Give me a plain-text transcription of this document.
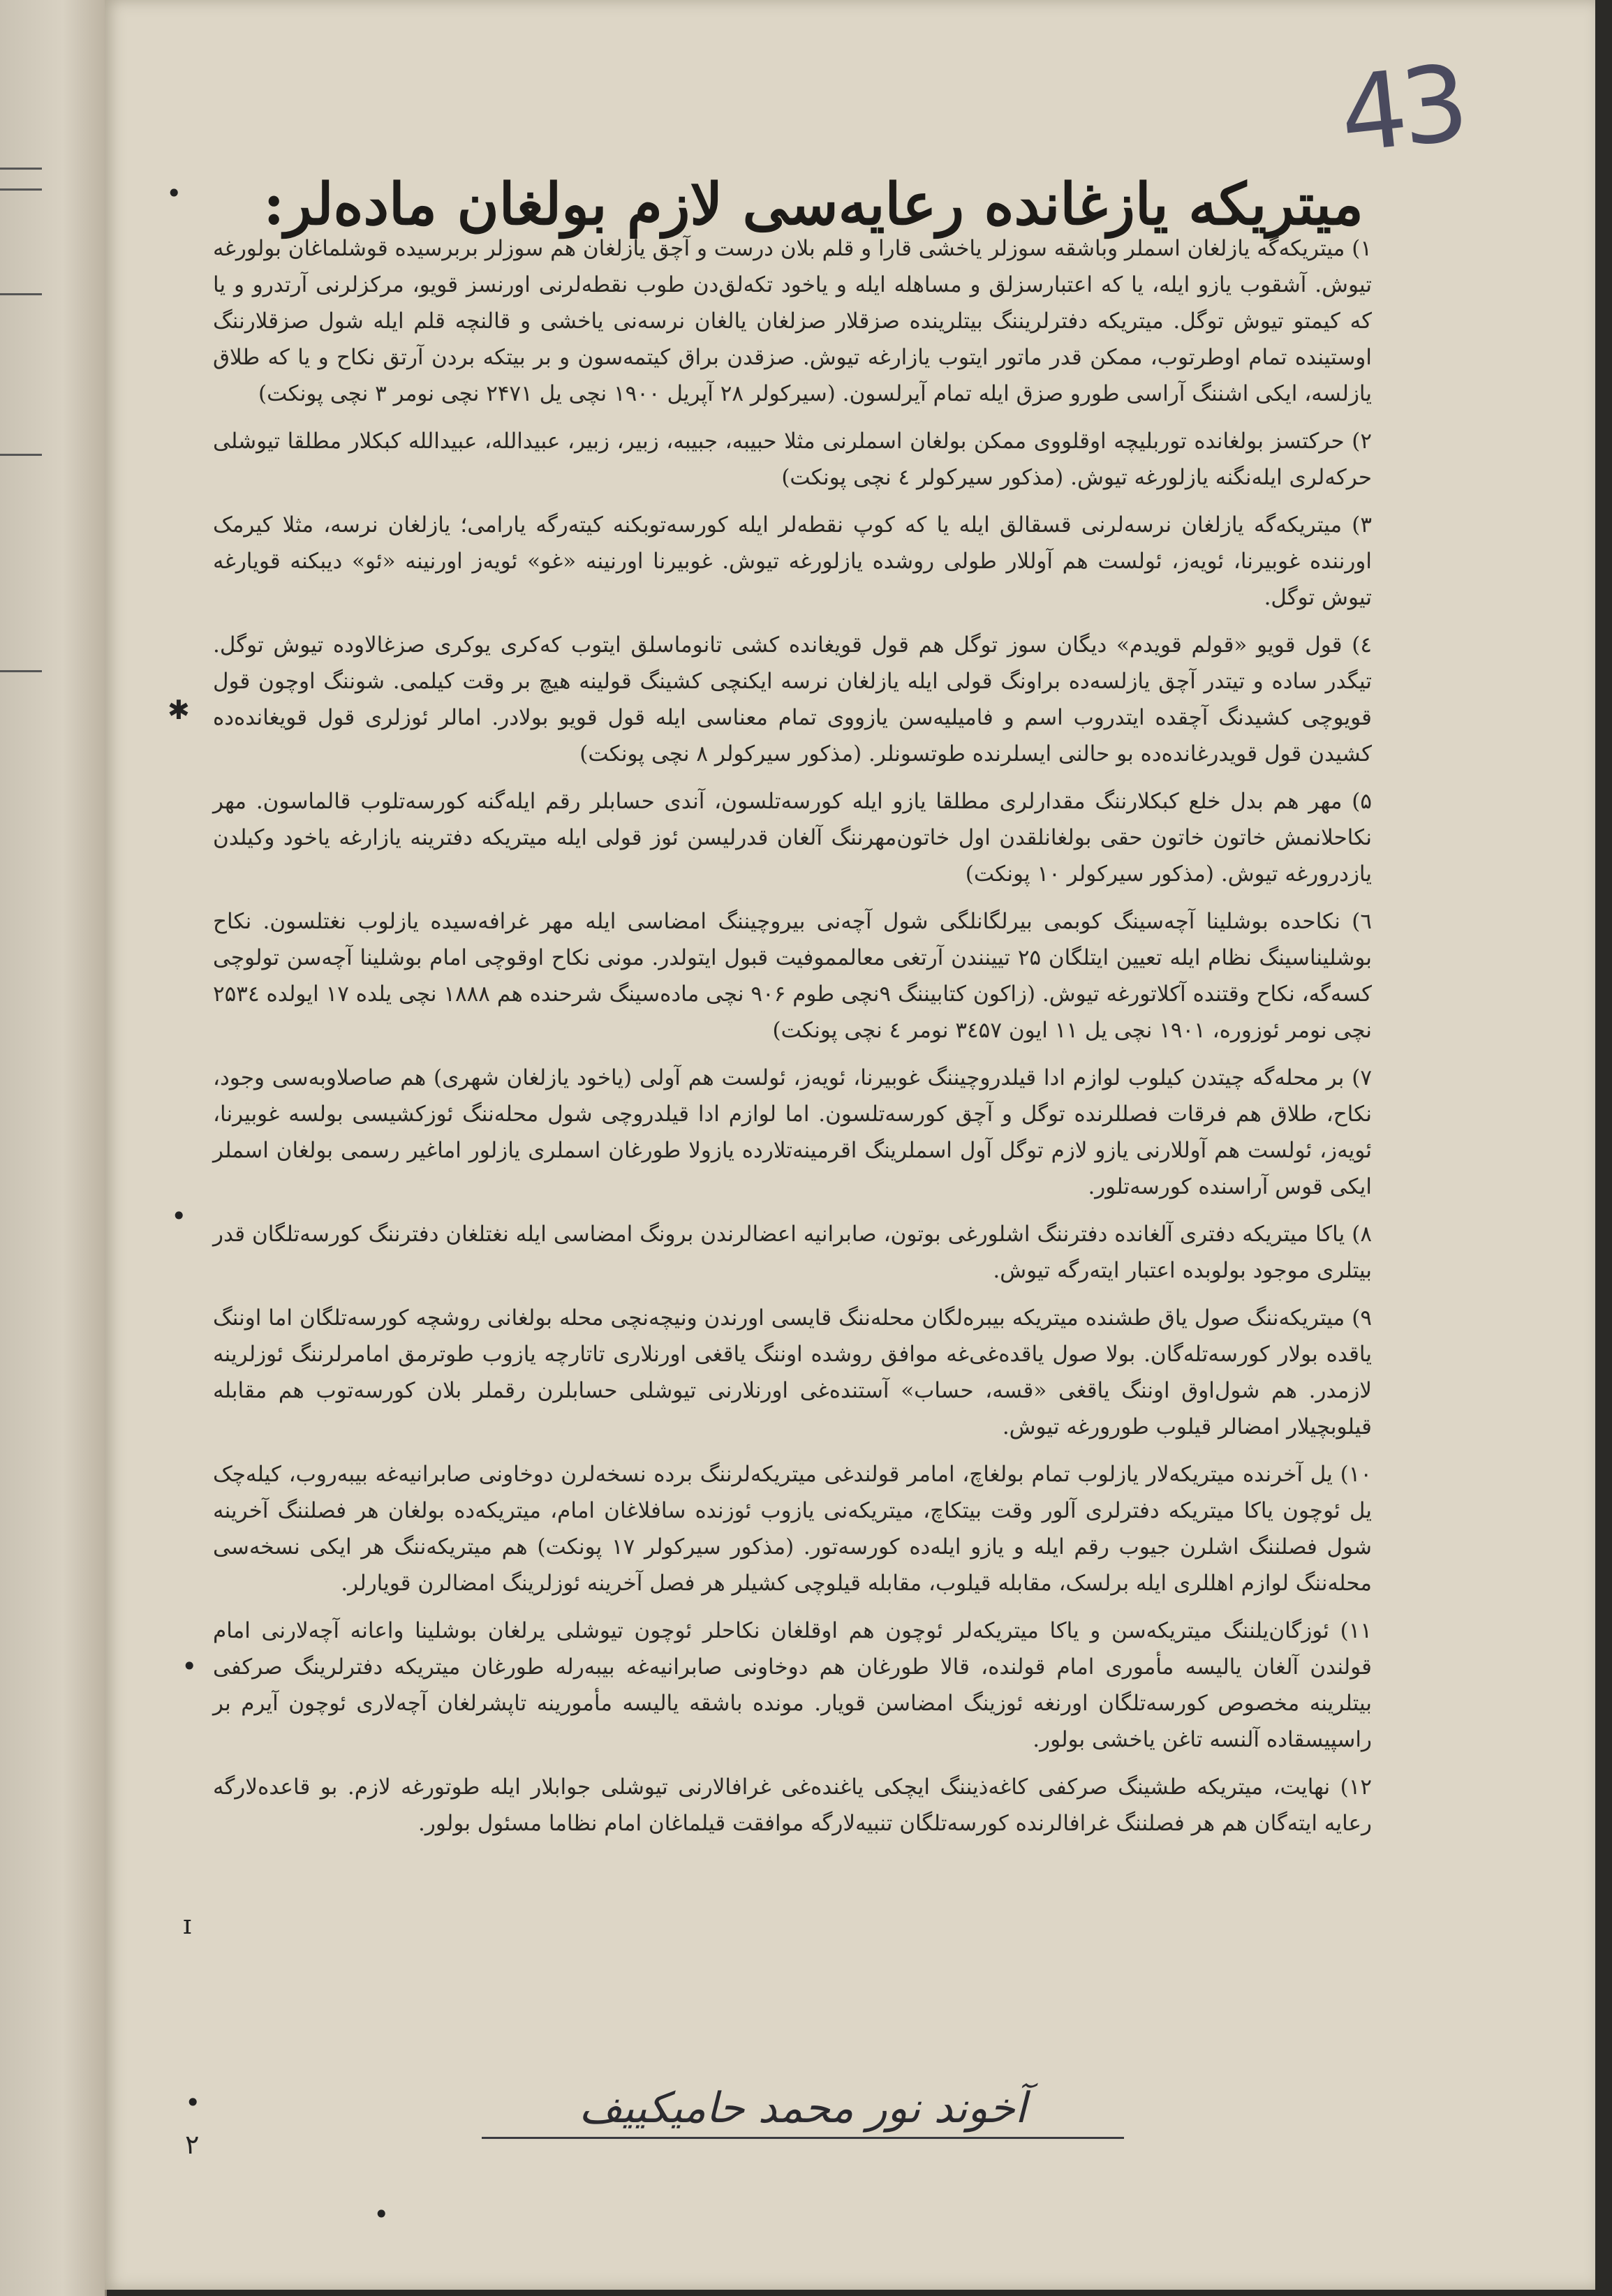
43
•
✱
•
•
ɪ
•
٢
•
میتریکه یازغانده رعایه‌سی لازم بولغان ماده‌لر:

۱) میتریکه‌گه یازلغان اسملر وباشقه سوزلر یاخشی قارا و قلم بلان درست و آچق یازلغان هم سوزلر بر‌برسیده قوشلماغان بولورغه تیوش. آشقوب یازو ایله، یا که اعتبارسزلق و مساهله ایله و یاخود تکه‌لق‌دن طوب نقطه‌لرنی اورنسز قویو، مرکزلرنی آرتدرو و یا که کیمتو تیوش توگل. میتریکه دفترلریننگ بیتلرینده صزقلار صزلغان یالغان نرسه‌نی یاخشی و قالنچه قلم ایله شول صزقلارننگ اوستینده تمام اوطرتوب، ممکن قدر ماتور ایتوب یازارغه تیوش. صزقدن براق کیتمه‌سون و بر بیتکه بردن آرتق نکاح و یا که طلاق یازلسه، ایکی اشننگ آراسی طورو صزق ایله تمام آیرلسون. (سیرکولر ۲۸ آپریل ۱۹۰۰ نچی یل ۲۴۷۱ نچی نومر ۳ نچی پونکت)

۲) حرکتسز بولغانده توربلیچه اوقلووی ممکن بولغان اسملرنی مثلا حبیبه، جبیبه، زبیر، زبیر، عبیدالله، عبیدالله کبکلار مطلقا تیوشلی حرکه‌لری ایله‌نگنه یازلورغه تیوش. (مذکور سیرکولر ٤ نچی پونکت)

۳) میتریکه‌گه یازلغان نرسه‌لرنی قسقالق ایله یا که کوپ نقطه‌لر ایله کورسه‌توبکنه کیته‌رگه یارامی؛ یازلغان نرسه، مثلا کیرمک اورننده غوبیرنا، ئویه‌ز، ئولست هم آوللار طولی روشده یازلورغه تیوش. غوبیرنا اورنینه «غو» ئویه‌ز اورنینه «ئو» دیبکنه قویارغه تیوش توگل.

٤) قول قویو «قولم قویدم» دیگان سوز توگل هم قول قویغانده کشی تانوماسلق ایتوب که‌کری یوکری صزغالاوده تیوش توگل. تیگدر ساده و تیتدر آچق یازلسه‌ده براونگ قولی ایله یازلغان نرسه ایکنچی کشینگ قولینه هیچ بر وقت کیلمی. شوننگ اوچون قول قویوچی کشیدنگ آچقده ایتدروب اسم و فامیلیه‌سن یازووی تمام معناسی ایله قول قویو بولادر. امالر ئوزلری قول قویغانده‌ده کشیدن قول قویدرغانده‌ده بو حالنی ایسلرنده طوتسونلر. (مذکور سیرکولر ۸ نچی پونکت)

۵) مهر هم بدل خلع کبکلارننگ مقدارلری مطلقا یازو ایله کورسه‌تلسون، آندی حسابلر رقم ایله‌گنه کورسه‌تلوب قالماسون. مهر نکاحلانمش خاتون خاتون حقی بولغانلقدن اول خاتون‌مهرننگ آلغان قدرلیسن ئوز قولی ایله میتریکه دفترینه یازارغه یاخود وکیلدن یازدرورغه تیوش. (مذکور سیرکولر ۱۰ پونکت)

٦) نکاحده بوشلینا آچه‌سینگ کوبمی بیرلگانلگی شول آچه‌نی بیروچیننگ امضاسی ایله مهر غرافه‌سیده یازلوب نغتلسون. نکاح بوشلیناسینگ نظام ایله تعیین ایتلگان ۲۵ تیینندن آرتغی معالمموفیت قبول ایتولدر. مونی نکاح اوقوچی امام بوشلینا آچه‌سن تولوچی کسه‌گه، نکاح وقتنده آکلاتورغه تیوش. (زاکون کتابیننگ ۹نچی طوم ۹۰۶ نچی ماده‌سینگ شرحنده هم ۱۸۸۸ نچی یلده ۱۷ ایولده ۲۵۳٤ نچی نومر ئوزوره، ۱۹۰۱ نچی یل ۱۱ ایون ۳٤۵۷ نومر ٤ نچی پونکت)

۷) بر محله‌گه چیتدن کیلوب لوازم ادا قیلدروچیننگ غوبیرنا، ئویه‌ز، ئولست هم آولی (یاخود یازلغان شهری) هم صاصلاوبه‌سی وجود، نکاح، طلاق هم فرقات فصللرنده توگل و آچق کورسه‌تلسون. اما لوازم ادا قیلدروچی شول محله‌ننگ ئوزکشیسی بولسه غوبیرنا، ئویه‌ز، ئولست هم آوللارنی یازو لازم توگل آول اسملرینگ اقرمینه‌تلارده یازولا طورغان اسملری یازلور اماغیر رسمی بولغان اسملر ایکی قوس آراسنده کورسه‌تلور.

۸) یاکا میتریکه دفتری آلغانده دفترننگ اشلورغی بوتون، صابرانیه اعضالرندن برونگ امضاسی ایله نغتلغان دفترننگ کورسه‌تلگان قدر بیتلری موجود بولوبده اعتبار ایته‌رگه تیوش.

۹) میتریکه‌ننگ صول یاق طشنده میتریکه بیبره‌لگان محله‌ننگ قایسی اورندن ونیچه‌نچی محله بولغانی روشچه کورسه‌تلگان اما اوننگ یاقده بولار کورسه‌تله‌گان. بولا صول یاقده‌غی‌غه موافق روشده اوننگ یاقغی اورنلاری تاتارچه یازوب طوترمق امامرلرننگ ئوزلرینه لازمدر. هم شول‌اوق اوننگ یاقغی «قسه، حساب» آستنده‌غی اورنلارنی تیوشلی حسابلرن رقملر بلان کورسه‌توب هم مقابله قیلوبچیلار امضالر قیلوب طورورغه تیوش.

۱۰) یل آخرنده میتریکه‌لار یازلوب تمام بولغاچ، امامر قولندغی میتریکه‌لرننگ برده نسخه‌لرن دوخاونی صابرانیه‌غه بیبه‌روب، کیله‌چک یل ئوچون یا‌کا میتریکه دفترلری آلور وقت بیتکاچ، میتریکه‌نی یازوب ئوزنده سافلاغان امام، میتریکه‌ده بولغان هر فصلننگ آخرینه شول فصلننگ اشلرن جیوب رقم ایله و یازو ایله‌ده کورسه‌تور. (مذکور سیرکولر ۱۷ پونکت) هم میتریکه‌ننگ هر ایکی نسخه‌سی محله‌ننگ لوازم اهللری ایله برلسک، مقابله قیلوب، مقابله قیلوچی کشیلر هر فصل آخرینه ئوزلرینگ امضالرن قویارلر.

۱۱) ئوزگان‌یلننگ میتریکه‌سن و یا‌کا میتریکه‌لر ئوچون هم اوقلغان نکاحلر ئوچون تیوشلی یرلغان بوشلینا واعانه آچه‌لارنی امام قولندن آلغان یالیسه مأموری امام قولنده، قالا طورغان هم دوخاونی صابرانیه‌غه بیبه‌رله طورغان میتریکه دفترلرینگ صرکفی بیتلرینه مخصوص کورسه‌تلگان اورنغه ئوزینگ امضاسن قویار. مونده باشقه یالیسه مأمورینه تاپشرلغان آچه‌لاری ئوچون آیرم بر راسپیسقاده آلنسه تاغن یاخشی بولور.

۱۲) نهایت، میتریکه طشینگ صرکفی کاغه‌ذیننگ ایچکی یاغنده‌غی غرافالارنی تیوشلی جوابلار ایله طوتورغه لازم. بو قاعده‌لارگه رعایه ایته‌گان هم هر فصلننگ غرافالرنده کورسه‌تلگان تنبیه‌لارگه موافقت قیلماغان امام نظاما مسئول بولور.

آخوند نور محمد حامیکییف
